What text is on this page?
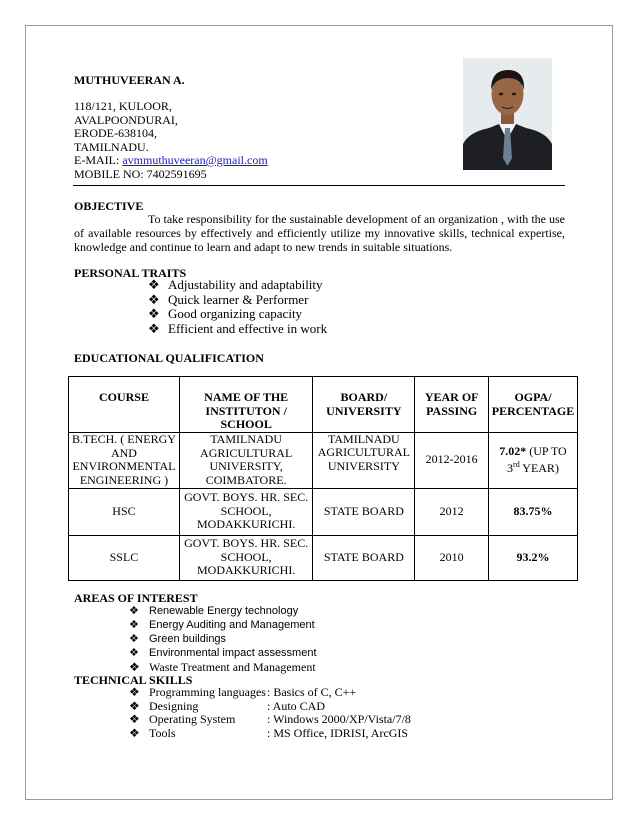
MUTHUVEERAN A.
118/121, KULOOR,
AVALPOONDURAI,
ERODE-638104,
TAMILNADU.
E-MAIL: avmmuthuveeran@gmail.com
MOBILE NO: 7402591695
OBJECTIVE
To take responsibility for the sustainable development of an organization , with the use of available resources by effectively and efficiently utilize my innovative skills, technical expertise, knowledge and continue to learn and adapt to new trends in suitable situations.
PERSONAL TRAITS
❖ Adjustability and adaptability
❖ Quick learner & Performer
❖ Good organizing capacity
❖ Efficient and effective in work
EDUCATIONAL QUALIFICATION
COURSE	NAME OF THE INSTITUTON / SCHOOL	BOARD/ UNIVERSITY	YEAR OF PASSING	OGPA/ PERCENTAGE
B.TECH. ( ENERGY AND ENVIRONMENTAL ENGINEERING )	TAMILNADU AGRICULTURAL UNIVERSITY, COIMBATORE.	TAMILNADU AGRICULTURAL UNIVERSITY	2012-2016	7.02* (UP TO
3rd YEAR)
HSC	GOVT. BOYS. HR. SEC. SCHOOL, MODAKKURICHI.	STATE BOARD	2012	83.75%
SSLC	GOVT. BOYS. HR. SEC. SCHOOL, MODAKKURICHI.	STATE BOARD	2010	93.2%
AREAS OF INTEREST
❖ Renewable Energy technology
❖ Energy Auditing and Management
❖ Green buildings
❖ Environmental impact assessment
❖ Waste Treatment and Management
TECHNICAL SKILLS
❖ Programming languages: Basics of C, C++
❖ Designing	: Auto CAD
❖ Operating System	: Windows 2000/XP/Vista/7/8
❖ Tools	: MS Office, IDRISI, ArcGIS
